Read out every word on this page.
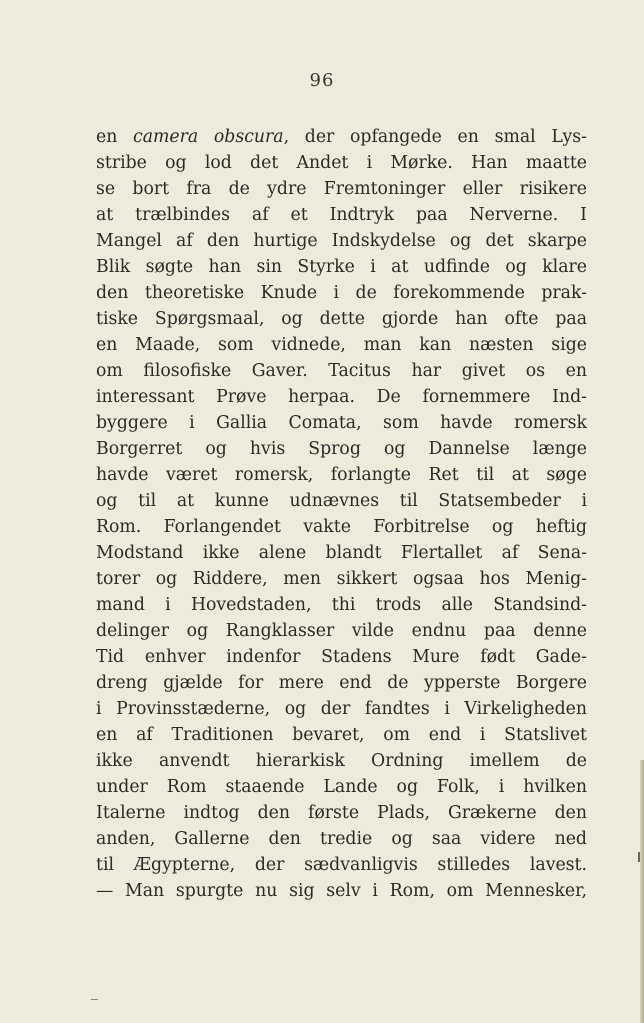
96
en camera obscura, der opfangede en smal Lys-
stribe og lod det Andet i Mørke. Han maatte
se bort fra de ydre Fremtoninger eller risikere
at trælbindes af et Indtryk paa Nerverne. I
Mangel af den hurtige Indskydelse og det skarpe
Blik søgte han sin Styrke i at udfinde og klare
den theoretiske Knude i de forekommende prak-
tiske Spørgsmaal, og dette gjorde han ofte paa
en Maade, som vidnede, man kan næsten sige
om filosofiske Gaver. Tacitus har givet os en
interessant Prøve herpaa. De fornemmere Ind-
byggere i Gallia Comata, som havde romersk
Borgerret og hvis Sprog og Dannelse længe
havde været romersk, forlangte Ret til at søge
og til at kunne udnævnes til Statsembeder i
Rom. Forlangendet vakte Forbitrelse og heftig
Modstand ikke alene blandt Flertallet af Sena-
torer og Riddere, men sikkert ogsaa hos Menig-
mand i Hovedstaden, thi trods alle Standsind-
delinger og Rangklasser vilde endnu paa denne
Tid enhver indenfor Stadens Mure født Gade-
dreng gjælde for mere end de ypperste Borgere
i Provinsstæderne, og der fandtes i Virkeligheden
en af Traditionen bevaret, om end i Statslivet
ikke anvendt hierarkisk Ordning imellem de
under Rom staaende Lande og Folk, i hvilken
Italerne indtog den første Plads, Grækerne den
anden, Gallerne den tredie og saa videre ned
til Ægypterne, der sædvanligvis stilledes lavest.
— Man spurgte nu sig selv i Rom, om Mennesker,
